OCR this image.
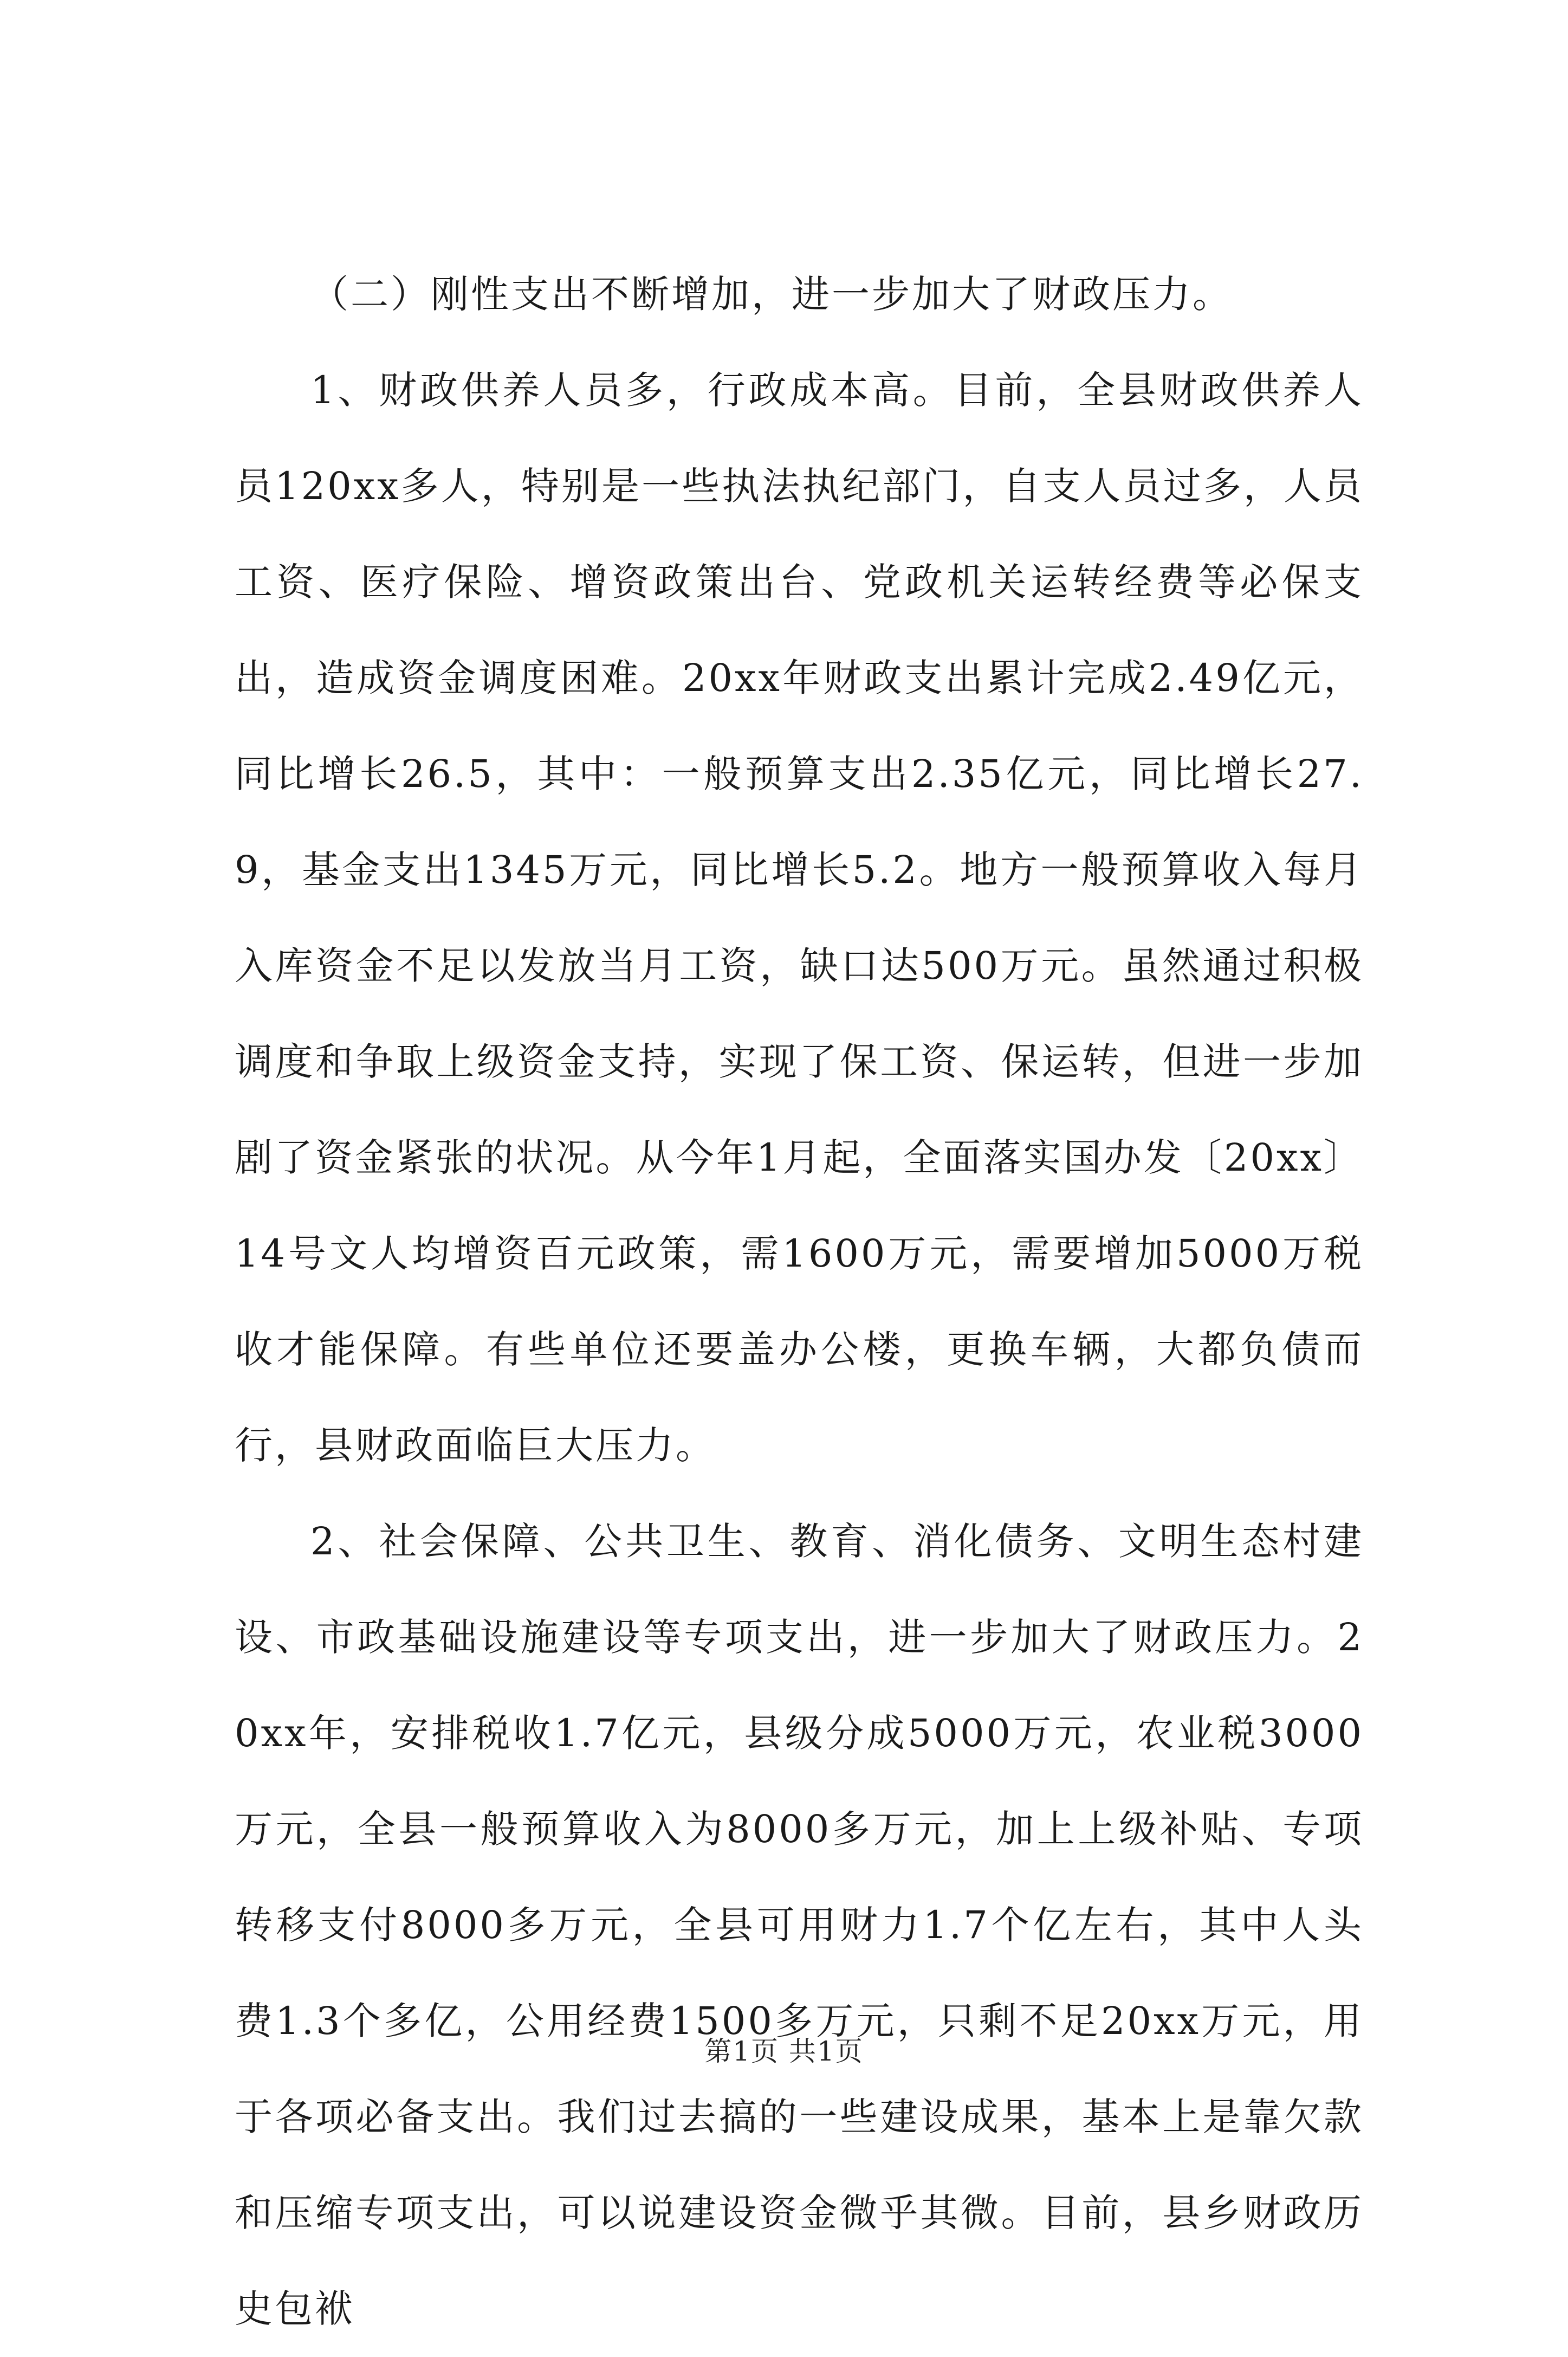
（二）刚性支出不断增加，进一步加大了财政压力。

1、财政供养人员多，行政成本高。目前，全县财政供养人员120xx多人，特别是一些执法执纪部门，自支人员过多，人员工资、医疗保险、增资政策出台、党政机关运转经费等必保支出，造成资金调度困难。20xx年财政支出累计完成2.49亿元，同比增长26.5，其中：一般预算支出2.35亿元，同比增长27.9，基金支出1345万元，同比增长5.2。地方一般预算收入每月入库资金不足以发放当月工资，缺口达500万元。虽然通过积极调度和争取上级资金支持，实现了保工资、保运转，但进一步加剧了资金紧张的状况。从今年1月起，全面落实国办发〔20xx〕14号文人均增资百元政策，需1600万元，需要增加5000万税收才能保障。有些单位还要盖办公楼，更换车辆，大都负债而行，县财政面临巨大压力。

2、社会保障、公共卫生、教育、消化债务、文明生态村建设、市政基础设施建设等专项支出，进一步加大了财政压力。20xx年，安排税收1.7亿元，县级分成5000万元，农业税3000万元，全县一般预算收入为8000多万元，加上上级补贴、专项转移支付8000多万元，全县可用财力1.7个亿左右，其中人头费1.3个多亿，公用经费1500多万元，只剩不足20xx万元，用于各项必备支出。我们过去搞的一些建设成果，基本上是靠欠款和压缩专项支出，可以说建设资金微乎其微。目前，县乡财政历史包袱

第1页 共1页
